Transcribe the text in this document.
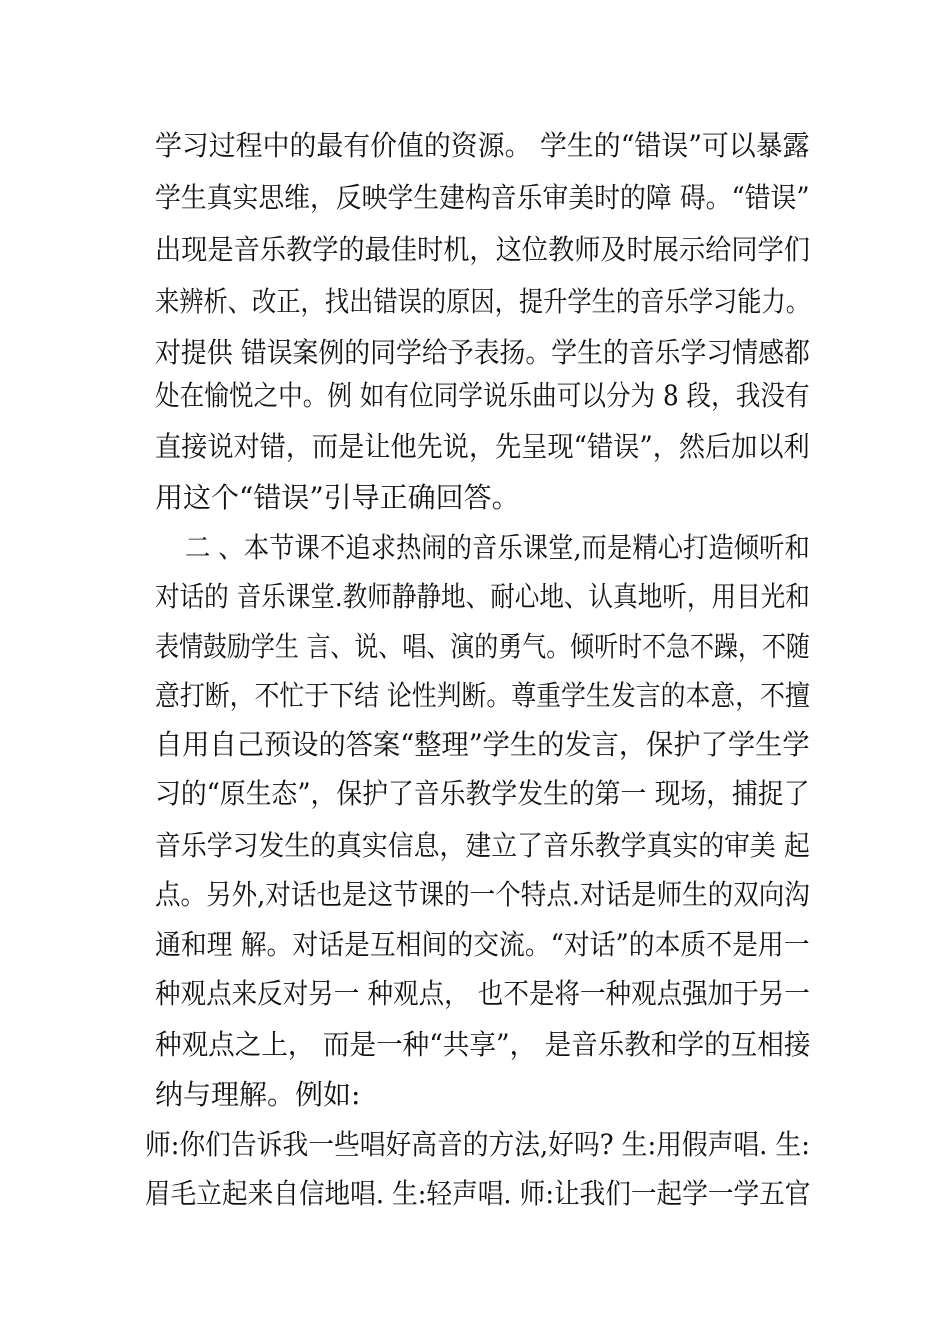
学习过程中的最有价值的资源。 学生的“错误”可以暴露
学生真实思维，反映学生建构音乐审美时的障 碍。“错误”
出现是音乐教学的最佳时机，这位教师及时展示给同学们
来辨析、改正，找出错误的原因，提升学生的音乐学习能力。
对提供 错误案例的同学给予表扬。学生的音乐学习情感都
处在愉悦之中。例 如有位同学说乐曲可以分为 8 段，我没有
直接说对错，而是让他先说，先呈现“错误”，然后加以利
用这个“错误”引导正确回答。
二 、本节课不追求热闹的音乐课堂,而是精心打造倾听和
对话的 音乐课堂.教师静静地、耐心地、认真地听，用目光和
表情鼓励学生 言、说、唱、演的勇气。倾听时不急不躁，不随
意打断，不忙于下结 论性判断。尊重学生发言的本意，不擅
自用自己预设的答案“整理”学生的发言，保护了学生学
习的“原生态”，保护了音乐教学发生的第一 现场，捕捉了
音乐学习发生的真实信息，建立了音乐教学真实的审美 起
点。另外,对话也是这节课的一个特点.对话是师生的双向沟
通和理 解。对话是互相间的交流。“对话”的本质不是用一
种观点来反对另一 种观点， 也不是将一种观点强加于另一
种观点之上， 而是一种“共享”， 是音乐教和学的互相接
纳与理解。例如:
师:你们告诉我一些唱好高音的方法,好吗? 生:用假声唱. 生:
眉毛立起来自信地唱. 生:轻声唱. 师:让我们一起学一学五官
